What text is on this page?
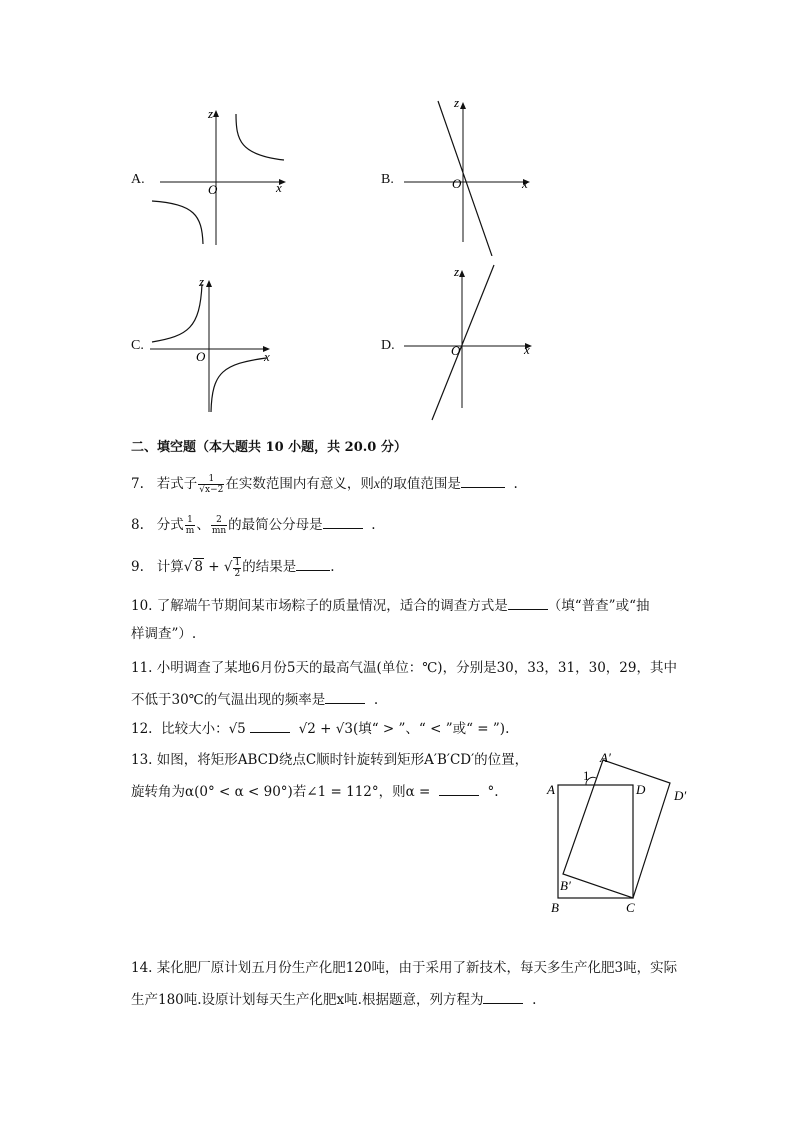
A.
O	x
z
B.	O	x
z
C.
O	x
z
D.	O	x
z
二、填空题（本大题共 10 小题，共 20.0 分）
7. 若式子 $\frac{1}{√x-2}$ 在实数范围内有意义，则x的取值范围是	.
8. 分式 $\frac{1}{m}$ 、 $\frac{2}{mn}$ 的最简公分母是	.
9. 计算√ 8 + √ $\frac{1}{2}$ 的结果是	.
10. 了解端午节期间某市场粽子的质量情况，适合的调查方式是	（填“普查”或“抽
样调查”）.
11. 小明调查了某地6月份5天的最高气温(单位：℃)，分别是30，33，31，30，29，其中
不低于30℃的气温出现的频率是	.
12. 比较大小：√5	√2 + √3(填“ > ”、“ < ”或“ = ”).
13. 如图，将矩形ABCD绕点C顺时针旋转到矩形A′B′CD′的位置，
旋转角为α(0° < α < 90°)若∠1 = 112°，则α =	°.	A	D
B	C
A′
B′
D′
1
14. 某化肥厂原计划五月份生产化肥120吨，由于采用了新技术，每天多生产化肥3吨，实际
生产180吨.设原计划每天生产化肥x吨.根据题意，列方程为	.
